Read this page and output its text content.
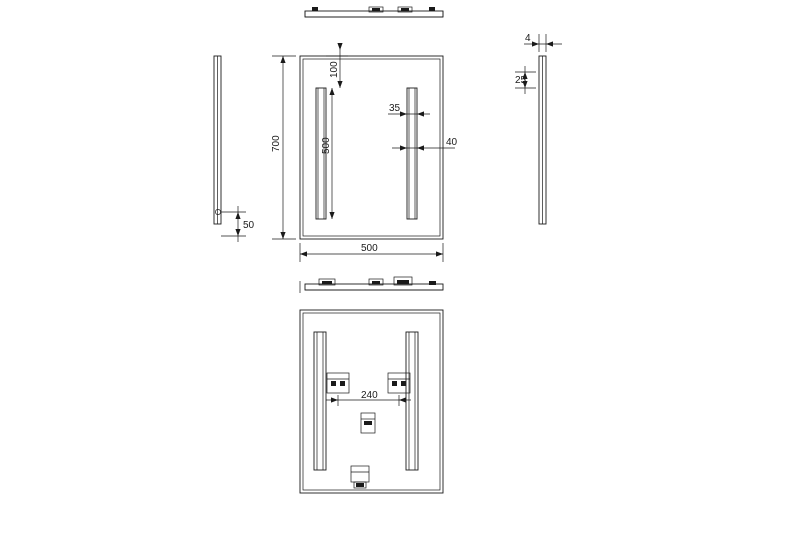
50
700
100
500
35
40
500
4
25
240
